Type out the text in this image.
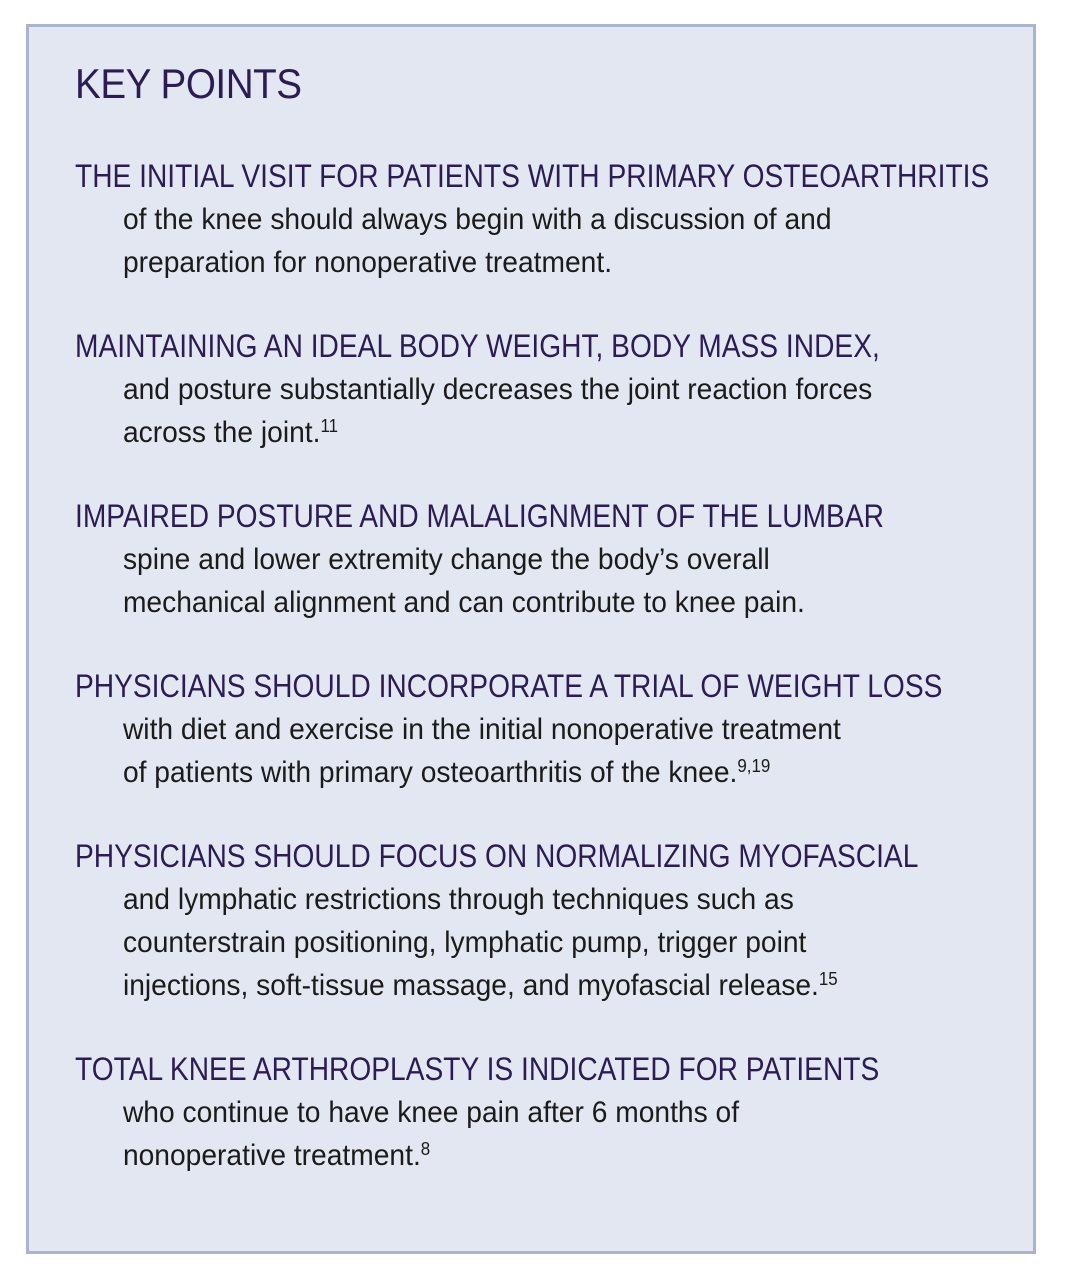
KEY POINTS
THE INITIAL VISIT FOR PATIENTS WITH PRIMARY OSTEOARTHRITIS
of the knee should always begin with a discussion of and
preparation for nonoperative treatment.
MAINTAINING AN IDEAL BODY WEIGHT, BODY MASS INDEX,
and posture substantially decreases the joint reaction forces
across the joint.$^{11}$
IMPAIRED POSTURE AND MALALIGNMENT OF THE LUMBAR
spine and lower extremity change the body’s overall
mechanical alignment and can contribute to knee pain.
PHYSICIANS SHOULD INCORPORATE A TRIAL OF WEIGHT LOSS
with diet and exercise in the initial nonoperative treatment
of patients with primary osteoarthritis of the knee.$^{9,19}$
PHYSICIANS SHOULD FOCUS ON NORMALIZING MYOFASCIAL
and lymphatic restrictions through techniques such as
counterstrain positioning, lymphatic pump, trigger point
injections, soft-tissue massage, and myofascial release.$^{15}$
TOTAL KNEE ARTHROPLASTY IS INDICATED FOR PATIENTS
who continue to have knee pain after 6 months of
nonoperative treatment.$^8$
